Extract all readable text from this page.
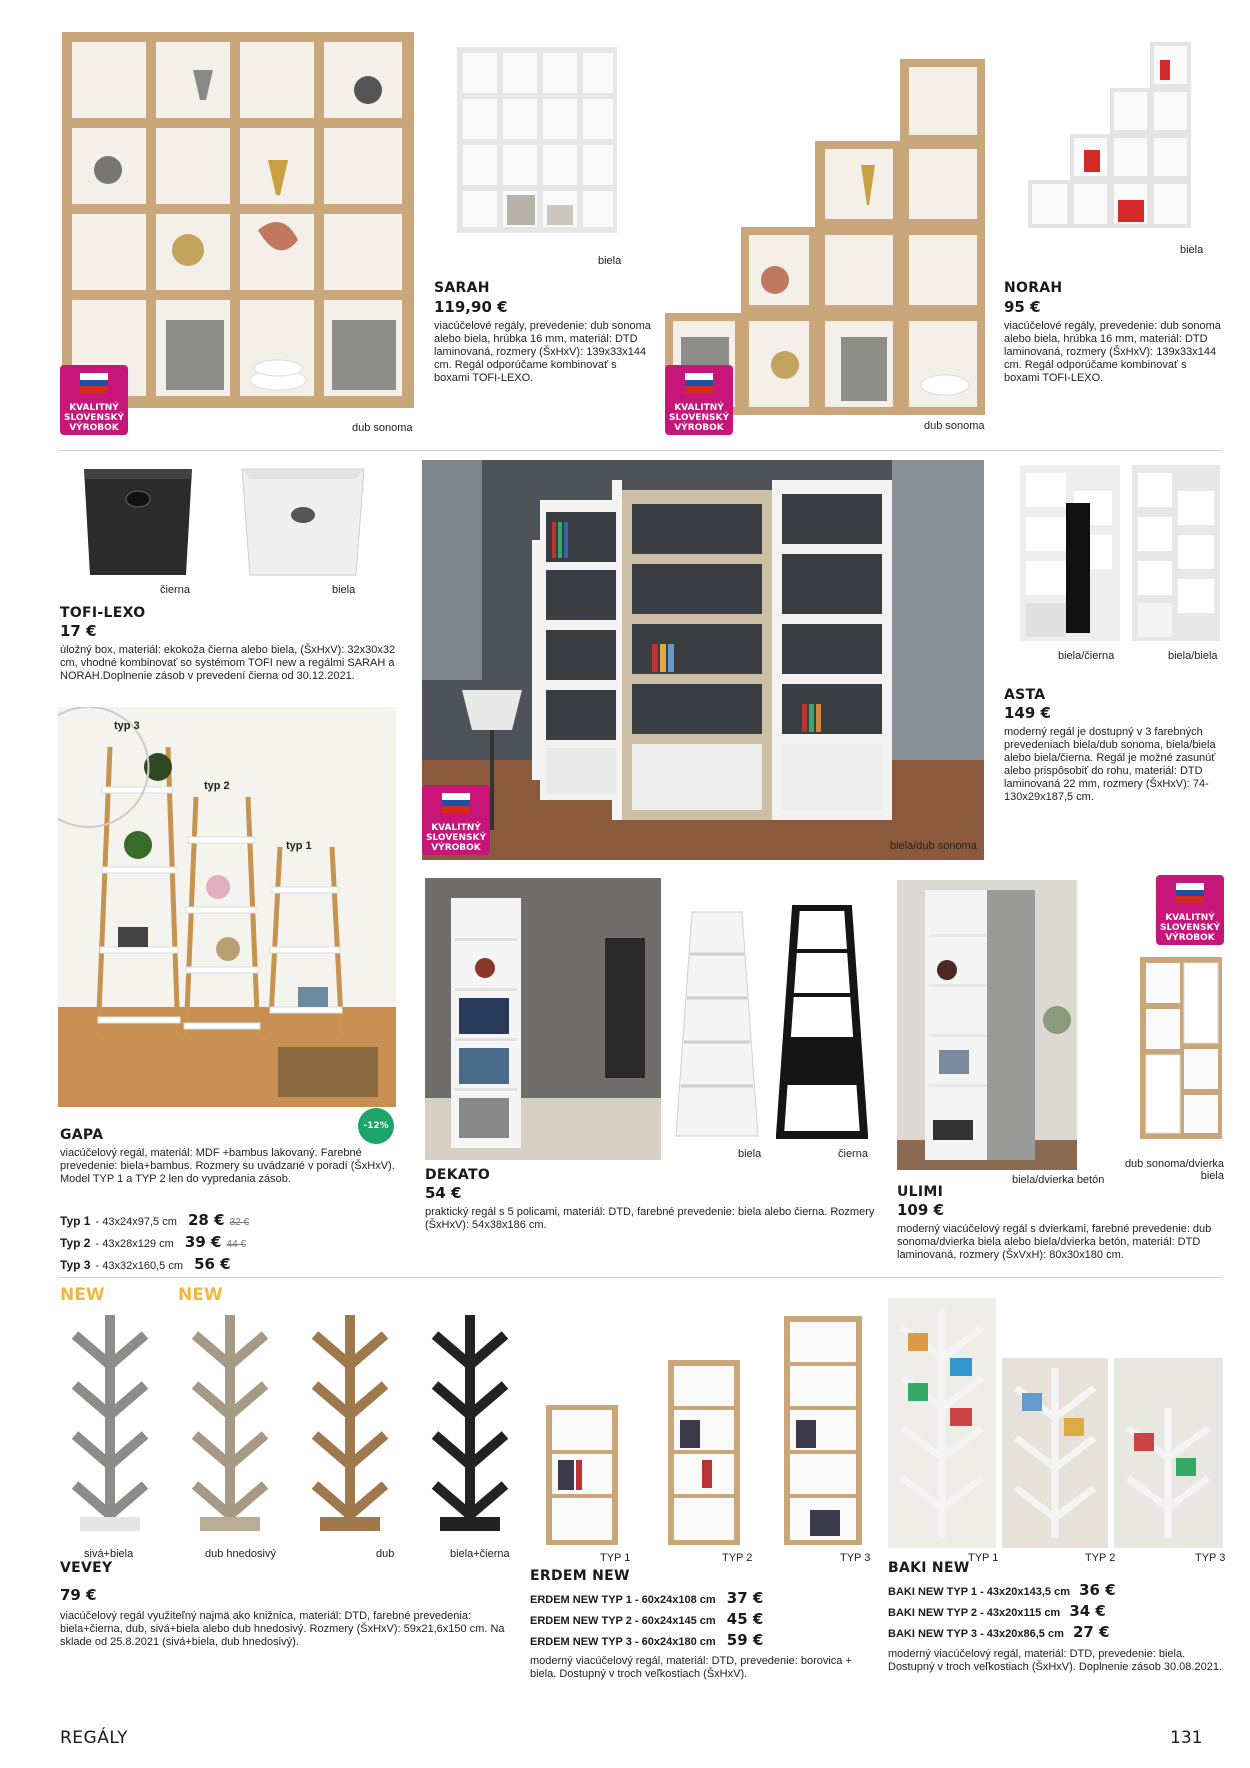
KVALITNÝ
SLOVENSKÝ
VÝROBOK
biela
dub sonoma
SARAH
119,90 €
viacúčelové regály, prevedenie: dub sonoma alebo biela, hrúbka 16 mm, materiál: DTD laminovaná, rozmery (ŠxHxV): 139x33x144 cm. Regál odporúčame kombinovať s boxami TOFI-LEXO.
KVALITNÝ
SLOVENSKÝ
VÝROBOK
biela
dub sonoma
NORAH
95 €
viacúčelové regály, prevedenie: dub sonoma alebo biela, hrúbka 16 mm, materiál: DTD laminovaná, rozmery (ŠxHxV): 139x33x144 cm. Regál odporúčame kombinovať s boxami TOFI-LEXO.
čierna	biela
TOFI-LEXO
17 €
úložný box, materiál: ekokoža čierna alebo biela, (ŠxHxV): 32x30x32 cm, vhodné kombinovať so systémom TOFI new a regálmi SARAH a NORAH.Doplnenie zásob v prevedení čierna od 30.12.2021.
KVALITNÝ
SLOVENSKÝ
VÝROBOK	biela/dub sonoma
biela/čierna	biela/biela
ASTA
149 €
moderný regál je dostupný v 3 farebných prevedeniach biela/dub sonoma, biela/biela alebo biela/čierna. Regál je možné zasunúť alebo prispôsobiť do rohu, materiál: DTD laminovaná 22 mm, rozmery (ŠxHxV): 74-130x29x187,5 cm.
typ 3
typ 2
typ 1
-12%
GAPA
viacúčelový regál, materiál: MDF +bambus lakovaný. Farebné prevedenie: biela+bambus. Rozmery su uvádzané v poradí (ŠxHxV). Model TYP 1 a TYP 2 len do vypredania zásob.
Typ 1 - 43x24x97,5 cm 28 € 32 €
Typ 2 - 43x28x129 cm 39 € 44 €
Typ 3 - 43x32x160,5 cm 56 €
biela	čierna
DEKATO
54 €
praktický regál s 5 policami, materiál: DTD, farebné prevedenie: biela alebo čierna. Rozmery (ŠxHxV): 54x38x186 cm.
KVALITNÝ
SLOVENSKÝ
VÝROBOK
biela/dvierka betón
dub sonoma/dvierka biela
ULIMI
109 €
moderný viacúčelový regál s dvierkami, farebné prevedenie: dub sonoma/dvierka biela alebo biela/dvierka betón, materiál: DTD laminovaná, rozmery (ŠxVxH): 80x30x180 cm.
NEW	NEW
sivá+biela	dub hnedosivý	dub	biela+čierna
VEVEY
79 €
viacúčelový regál využiteľný najmä ako knižnica, materiál: DTD, farebné prevedenia: biela+čierna, dub, sivá+biela alebo dub hnedosivý. Rozmery (ŠxHxV): 59x21,6x150 cm. Na sklade od 25.8.2021 (sivá+biela, dub hnedosivý).
TYP 1	TYP 2	TYP 3
ERDEM NEW
ERDEM NEW TYP 1 - 60x24x108 cm 37 €
ERDEM NEW TYP 2 - 60x24x145 cm 45 €
ERDEM NEW TYP 3 - 60x24x180 cm 59 €
moderný viacúčelový regál, materiál: DTD, prevedenie: borovica + biela. Dostupný v troch veľkostiach (ŠxHxV).
TYP 1	TYP 2	TYP 3
BAKI NEW
BAKI NEW TYP 1 - 43x20x143,5 cm 36 €
BAKI NEW TYP 2 - 43x20x115 cm 34 €
BAKI NEW TYP 3 - 43x20x86,5 cm 27 €
moderný viacúčelový regál, materiál: DTD, prevedenie: biela. Dostupný v troch veľkostiach (ŠxHxV). Doplnenie zásob 30.08.2021.
REGÁLY	131
